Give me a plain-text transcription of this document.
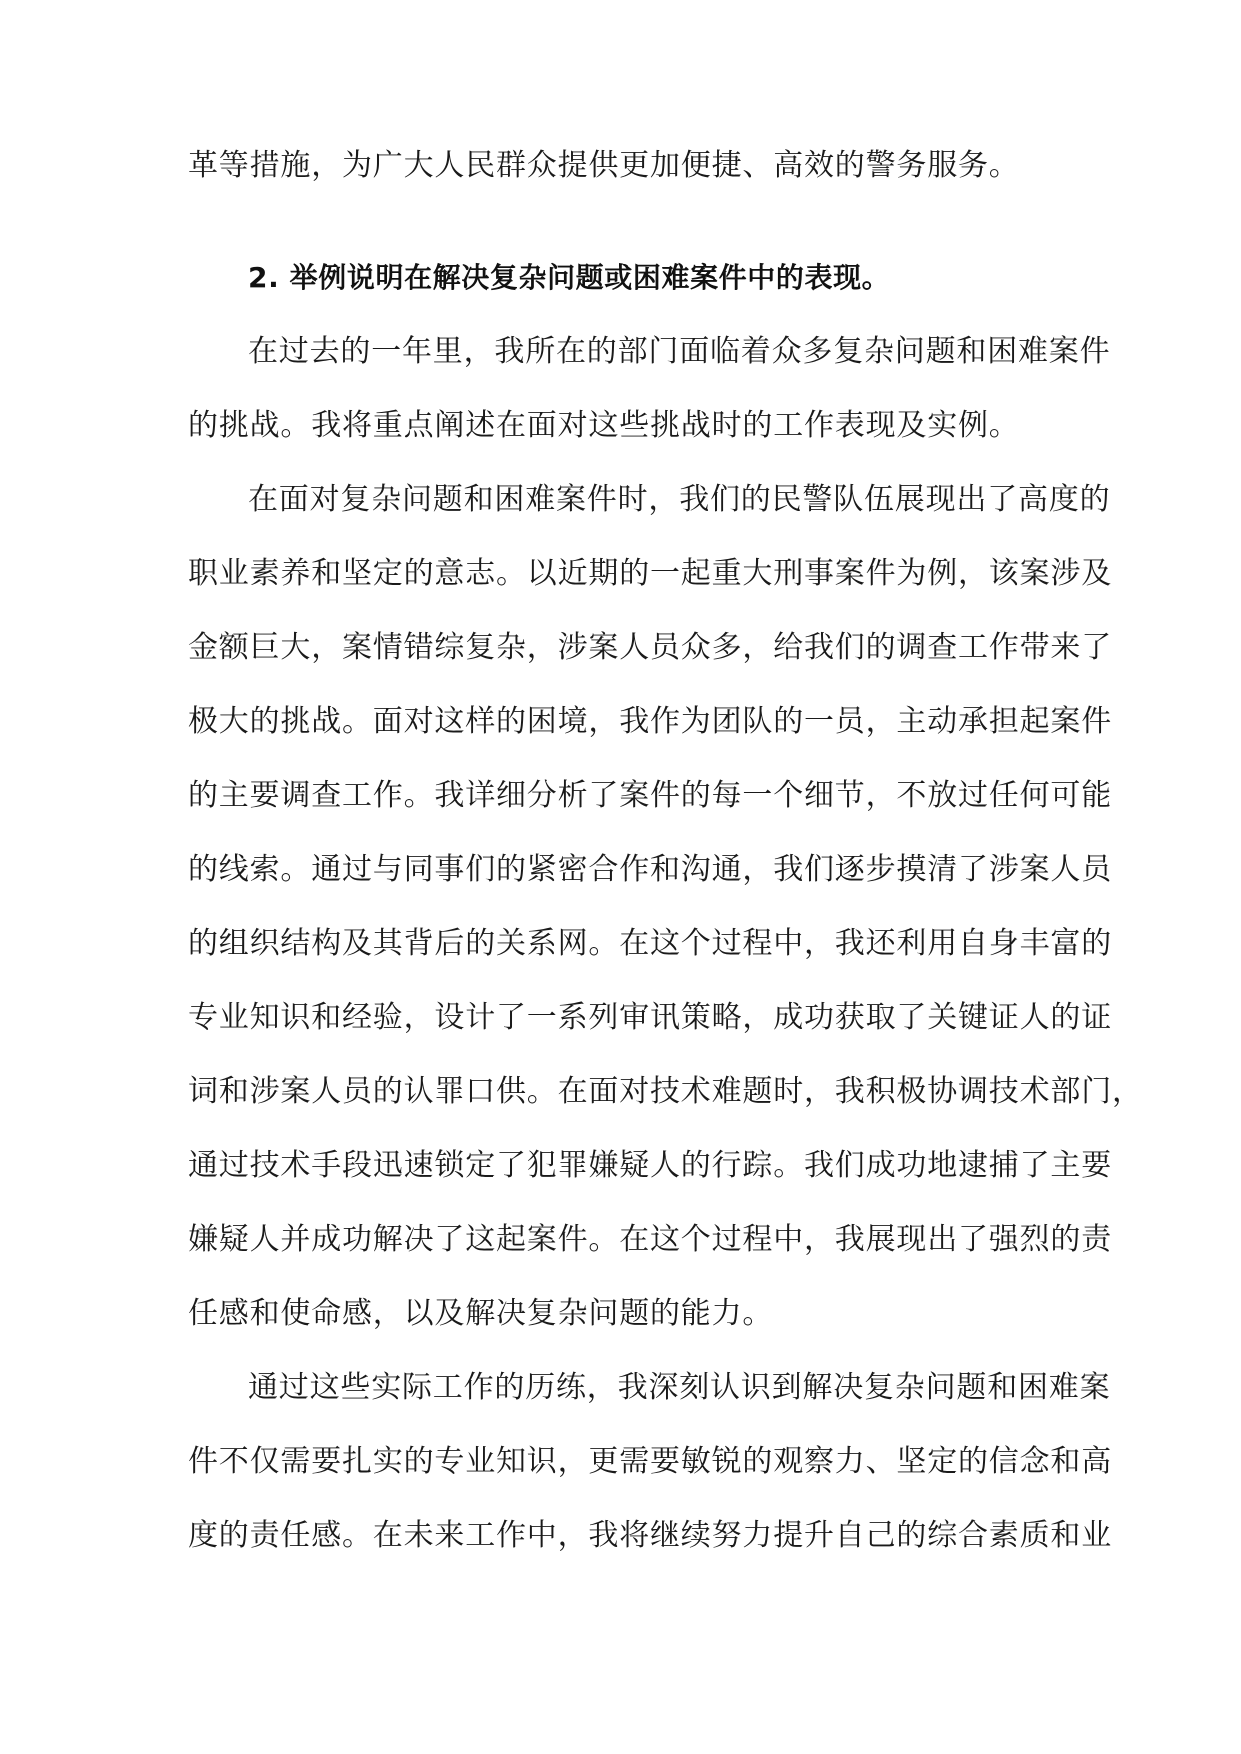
革等措施，为广大人民群众提供更加便捷、高效的警务服务。
2. 举例说明在解决复杂问题或困难案件中的表现。
在过去的一年里，我所在的部门面临着众多复杂问题和困难案件
的挑战。我将重点阐述在面对这些挑战时的工作表现及实例。
在面对复杂问题和困难案件时，我们的民警队伍展现出了高度的
职业素养和坚定的意志。以近期的一起重大刑事案件为例，该案涉及
金额巨大，案情错综复杂，涉案人员众多，给我们的调查工作带来了
极大的挑战。面对这样的困境，我作为团队的一员，主动承担起案件
的主要调查工作。我详细分析了案件的每一个细节，不放过任何可能
的线索。通过与同事们的紧密合作和沟通，我们逐步摸清了涉案人员
的组织结构及其背后的关系网。在这个过程中，我还利用自身丰富的
专业知识和经验，设计了一系列审讯策略，成功获取了关键证人的证
词和涉案人员的认罪口供。在面对技术难题时，我积极协调技术部门，
通过技术手段迅速锁定了犯罪嫌疑人的行踪。我们成功地逮捕了主要
嫌疑人并成功解决了这起案件。在这个过程中，我展现出了强烈的责
任感和使命感，以及解决复杂问题的能力。
通过这些实际工作的历练，我深刻认识到解决复杂问题和困难案
件不仅需要扎实的专业知识，更需要敏锐的观察力、坚定的信念和高
度的责任感。在未来工作中，我将继续努力提升自己的综合素质和业
